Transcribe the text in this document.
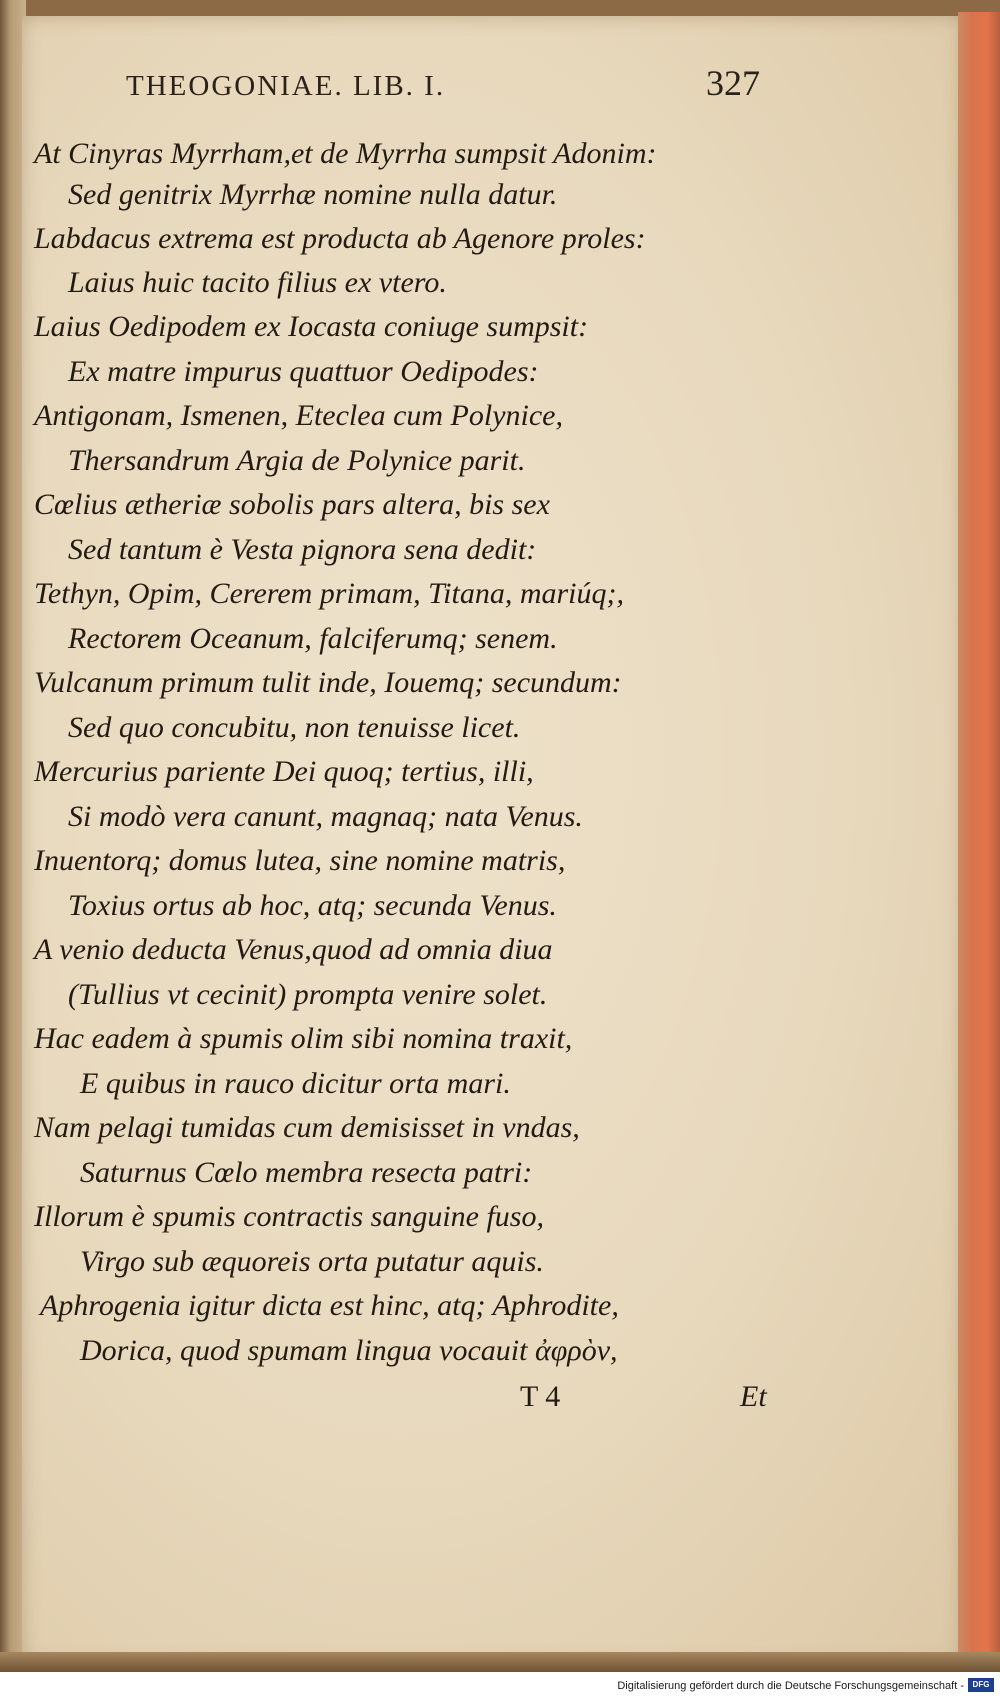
THEOGONIAE. LIB. I.	327
At Cinyras Myrrham,et de Myrrha sumpsit Adonim:
Sed genitrix Myrrhæ nomine nulla datur.
Labdacus extrema est producta ab Agenore proles:
Laius huic tacito filius ex vtero.
Laius Oedipodem ex Iocasta coniuge sumpsit:
Ex matre impurus quattuor Oedipodes:
Antigonam, Ismenen, Eteclea cum Polynice,
Thersandrum Argia de Polynice parit.
Cœlius ætheriæ sobolis pars altera, bis sex
Sed tantum è Vesta pignora sena dedit:
Tethyn, Opim, Cererem primam, Titana, mariúq;,
Rectorem Oceanum, falciferumq; senem.
Vulcanum primum tulit inde, Iouemq; secundum:
Sed quo concubitu, non tenuisse licet.
Mercurius pariente Dei quoq; tertius, illi,
Si modò vera canunt, magnaq; nata Venus.
Inuentorq; domus lutea, sine nomine matris,
Toxius ortus ab hoc, atq; secunda Venus.
A venio deducta Venus,quod ad omnia diua
(Tullius vt cecinit) prompta venire solet.
Hac eadem à spumis olim sibi nomina traxit,
E quibus in rauco dicitur orta mari.
Nam pelagi tumidas cum demisisset in vndas,
Saturnus Cœlo membra resecta patri:
Illorum è spumis contractis sanguine fuso,
Virgo sub æquoreis orta putatur aquis.
Aphrogenia igitur dicta est hinc, atq; Aphrodite,
Dorica, quod spumam lingua vocauit ἀφρὸν,
T 4	Et
Digitalisierung gefördert durch die Deutsche Forschungsgemeinschaft -	DFG
